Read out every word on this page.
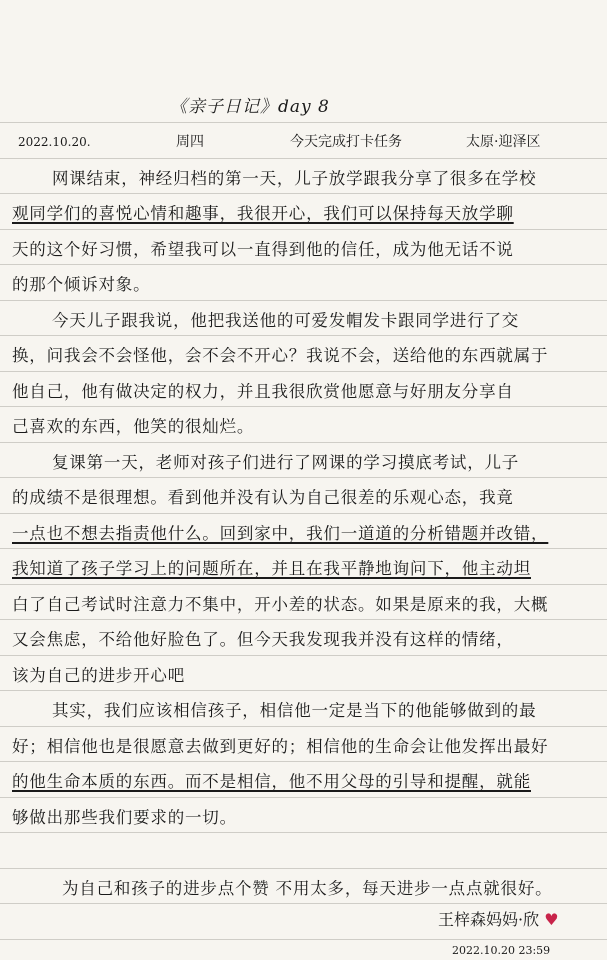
《亲子日记》day 8
2022.10.20.	周四	今天完成打卡任务	太原·迎泽区
网课结束，神经归档的第一天，儿子放学跟我分享了很多在学校
观同学们的喜悦心情和趣事，我很开心，我们可以保持每天放学聊
天的这个好习惯，希望我可以一直得到他的信任，成为他无话不说
的那个倾诉对象。
今天儿子跟我说，他把我送他的可爱发帽发卡跟同学进行了交
换，问我会不会怪他，会不会不开心？我说不会，送给他的东西就属于
他自己，他有做决定的权力，并且我很欣赏他愿意与好朋友分享自
己喜欢的东西，他笑的很灿烂。
复课第一天，老师对孩子们进行了网课的学习摸底考试，儿子
的成绩不是很理想。看到他并没有认为自己很差的乐观心态，我竟
一点也不想去指责他什么。回到家中，我们一道道的分析错题并改错，
我知道了孩子学习上的问题所在，并且在我平静地询问下，他主动坦
白了自己考试时注意力不集中，开小差的状态。如果是原来的我，大概
又会焦虑，不给他好脸色了。但今天我发现我并没有这样的情绪，
该为自己的进步开心吧
其实，我们应该相信孩子，相信他一定是当下的他能够做到的最
好；相信他也是很愿意去做到更好的；相信他的生命会让他发挥出最好
的他生命本质的东西。而不是相信，他不用父母的引导和提醒，就能
够做出那些我们要求的一切。
为自己和孩子的进步点个赞 不用太多，每天进步一点点就很好。
王梓森妈妈·欣 ♥
2022.10.20 23:59
